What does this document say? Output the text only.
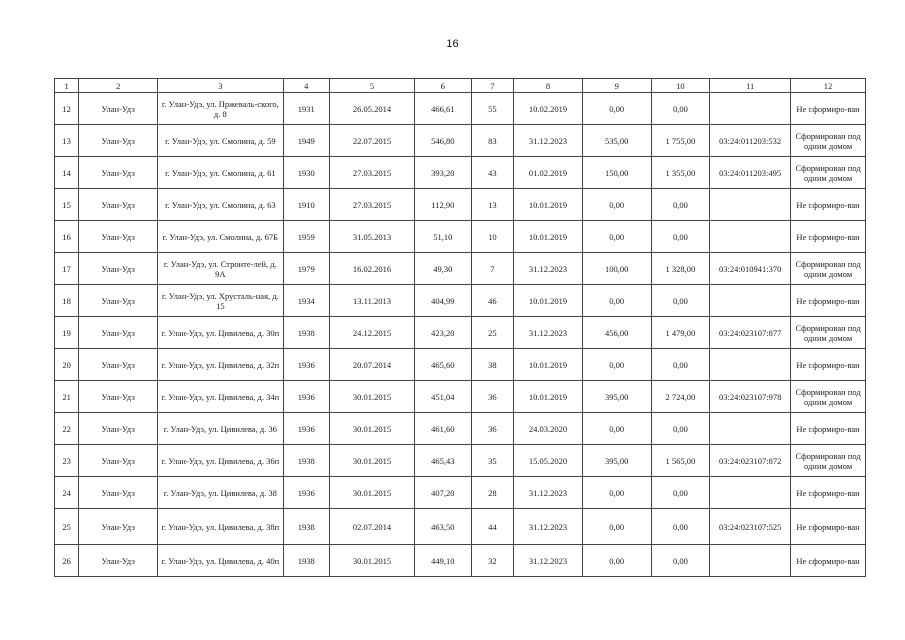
16
1	2	3	4	5	6	7	8	9	10	11	12
12	Улан-Удэ	г. Улан-Удэ, ул. Пржеваль-ского, д. 8	1931	26.05.2014	466,61	55	10.02.2019	0,00	0,00		Не сформиро-ван
13	Улан-Удэ	г. Улан-Удэ, ул. Смолина, д. 59	1949	22.07.2015	546,80	83	31.12.2023	535,00	1 755,00	03:24:011203:532	Сформирован под одним домом
14	Улан-Удэ	г. Улан-Удэ, ул. Смолина, д. 61	1930	27.03.2015	393,20	43	01.02.2019	150,00	1 355,00	03:24:011203:495	Сформирован под одним домом
15	Улан-Удэ	г. Улан-Удэ, ул. Смолина, д. 63	1910	27.03.2015	112,90	13	10.01.2019	0,00	0,00		Не сформиро-ван
16	Улан-Удэ	г. Улан-Удэ, ул. Смолина, д. 67Б	1959	31.05.2013	51,10	10	10.01.2019	0,00	0,00		Не сформиро-ван
17	Улан-Удэ	г. Улан-Удэ, ул. Строите-лей, д. 9А	1979	16.02.2016	49,30	7	31.12.2023	100,00	1 328,00	03:24:010941:370	Сформирован под одним домом
18	Улан-Удэ	г. Улан-Удэ, ул. Хрусталь-ная, д. 15	1934	13.11.2013	404,99	46	10.01.2019	0,00	0,00		Не сформиро-ван
19	Улан-Удэ	г. Улан-Удэ, ул. Цивилева, д. 30п	1938	24.12.2015	423,20	25	31.12.2023	456,00	1 479,00	03:24:023107:877	Сформирован под одним домом
20	Улан-Удэ	г. Улан-Удэ, ул. Цивилева, д. 32п	1936	20.07.2014	465,60	38	10.01.2019	0,00	0,00		Не сформиро-ван
21	Улан-Удэ	г. Улан-Удэ, ул. Цивилева, д. 34п	1936	30.01.2015	451,04	36	10.01.2019	395,00	2 724,00	03:24:023107:978	Сформирован под одним домом
22	Улан-Удэ	г. Улан-Удэ, ул. Цивилева, д. 36	1936	30.01.2015	461,60	36	24.03.2020	0,00	0,00		Не сформиро-ван
23	Улан-Удэ	г. Улан-Удэ, ул. Цивилева, д. 36п	1938	30.01.2015	465,43	35	15.05.2020	395,00	1 565,00	03:24:023107:872	Сформирован под одним домом
24	Улан-Удэ	г. Улан-Удэ, ул. Цивилева, д. 38	1936	30.01.2015	407,20	28	31.12.2023	0,00	0,00		Не сформиро-ван
25	Улан-Удэ	г. Улан-Удэ, ул. Цивилева, д. 38п	1938	02.07.2014	463,50	44	31.12.2023	0,00	0,00	03:24:023107:525	Не сформиро-ван
26	Улан-Удэ	г. Улан-Удэ, ул. Цивилева, д. 40п	1938	30.01.2015	449,10	32	31.12.2023	0,00	0,00		Не сформиро-ван
